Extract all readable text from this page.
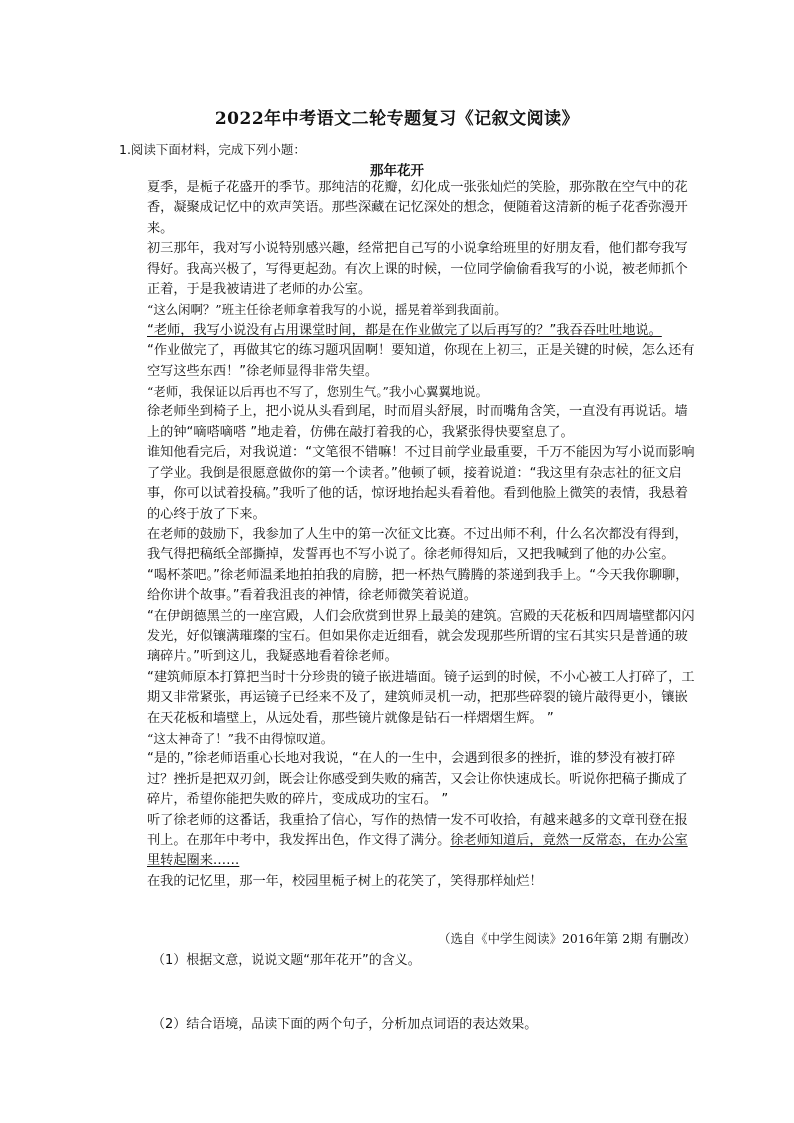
2022年中考语文二轮专题复习《记叙文阅读》
1.阅读下面材料，完成下列小题：
那年花开

夏季，是栀子花盛开的季节。那纯洁的花瓣，幻化成一张张灿烂的笑脸，那弥散在空气中的花香，凝聚成记忆中的欢声笑语。那些深藏在记忆深处的想念，便随着这清新的栀子花香弥漫开来。

初三那年，我对写小说特别感兴趣，经常把自己写的小说拿给班里的好朋友看，他们都夸我写得好。我高兴极了，写得更起劲。有次上课的时候，一位同学偷偷看我写的小说，被老师抓个正着，于是我被请进了老师的办公室。

“这么闲啊？”班主任徐老师拿着我写的小说，摇晃着举到我面前。

“老师，我写小说没有占用课堂时间，都是在作业做完了以后再写的？”我吞吞吐吐地说。

“作业做完了，再做其它的练习题巩固啊！要知道，你现在上初三，正是关键的时候，怎么还有空写这些东西！”徐老师显得非常失望。

“老师，我保证以后再也不写了，您别生气。”我小心翼翼地说。

徐老师坐到椅子上，把小说从头看到尾，时而眉头舒展，时而嘴角含笑，一直没有再说话。墙上的钟“嘀嗒嘀嗒 ”地走着，仿佛在敲打着我的心，我紧张得快要窒息了。

谁知他看完后，对我说道：“文笔很不错嘛！不过目前学业最重要，千万不能因为写小说而影响了学业。我倒是很愿意做你的第一个读者。”他顿了顿，接着说道：“我这里有杂志社的征文启事，你可以试着投稿。”我听了他的话，惊讶地抬起头看着他。看到他脸上微笑的表情，我悬着的心终于放了下来。

在老师的鼓励下，我参加了人生中的第一次征文比赛。不过出师不利，什么名次都没有得到，我气得把稿纸全部撕掉，发誓再也不写小说了。徐老师得知后，又把我喊到了他的办公室。

“喝杯茶吧。”徐老师温柔地拍拍我的肩膀，把一杯热气腾腾的茶递到我手上。“今天我你聊聊，给你讲个故事。”看着我沮丧的神情，徐老师微笑着说道。

“在伊朗德黑兰的一座宫殿，人们会欣赏到世界上最美的建筑。宫殿的天花板和四周墙壁都闪闪发光，好似镶满璀璨的宝石。但如果你走近细看，就会发现那些所谓的宝石其实只是普通的玻璃碎片。”听到这儿，我疑惑地看着徐老师。

“建筑师原本打算把当时十分珍贵的镜子嵌进墙面。镜子运到的时候，不小心被工人打碎了，工期又非常紧张，再运镜子已经来不及了，建筑师灵机一动，把那些碎裂的镜片敲得更小，镶嵌在天花板和墙壁上，从远处看，那些镜片就像是钻石一样熠熠生辉。 ”

“这太神奇了！”我不由得惊叹道。

“是的，”徐老师语重心长地对我说，“在人的一生中，会遇到很多的挫折，谁的梦没有被打碎过？挫折是把双刃剑，既会让你感受到失败的痛苦，又会让你快速成长。听说你把稿子撕成了碎片，希望你能把失败的碎片，变成成功的宝石。 ”

听了徐老师的这番话，我重拾了信心，写作的热情一发不可收拾，有越来越多的文章刊登在报刊上。在那年中考中，我发挥出色，作文得了满分。徐老师知道后，竟然一反常态，在办公室里转起圈来……

在我的记忆里，那一年，校园里栀子树上的花笑了，笑得那样灿烂！

（选自《中学生阅读》2016年第 2期 有删改）
（1）根据文意，说说文题“那年花开”的含义。
（2）结合语境，品读下面的两个句子，分析加点词语的表达效果。
